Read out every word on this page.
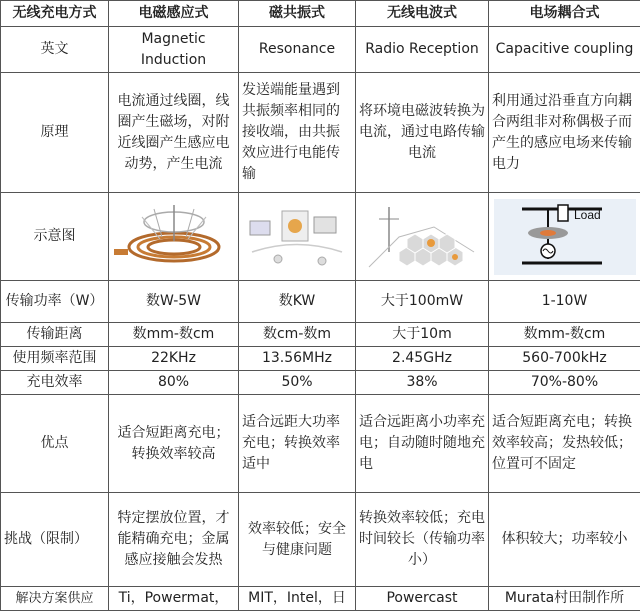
无线充电方式	电磁感应式	磁共振式	无线电波式	电场耦合式
英文	Magnetic Induction	Resonance	Radio Reception	Capacitive coupling
原理	电流通过线圈，线圈产生磁场，对附近线圈产生感应电动势，产生电流	发送端能量遇到共振频率相同的接收端，由共振效应进行电能传输	将环境电磁波转换为电流，通过电路传输电流	利用通过沿垂直方向耦合两组非对称偶极子而产生的感应电场来传输电力
示意图				Load

传输功率（W）	数W-5W	数KW	大于100mW	1-10W
传输距离	数mm-数cm	数cm-数m	大于10m	数mm-数cm
使用频率范围	22KHz	13.56MHz	2.45GHz	560-700kHz
充电效率	80%	50%	38%	70%-80%
优点	适合短距离充电；转换效率较高	适合远距大功率充电；转换效率适中	适合远距离小功率充电；自动随时随地充电	适合短距离充电；转换效率较高；发热较低；位置可不固定
挑战（限制）	特定摆放位置，才能精确充电；金属感应接触会发热	效率较低；安全与健康问题	转换效率较低；充电时间较长（传输功率小）	体积较大；功率较小
解决方案供应	Ti，Powermat，	MIT，Intel，日	Powercast	Murata村田制作所
